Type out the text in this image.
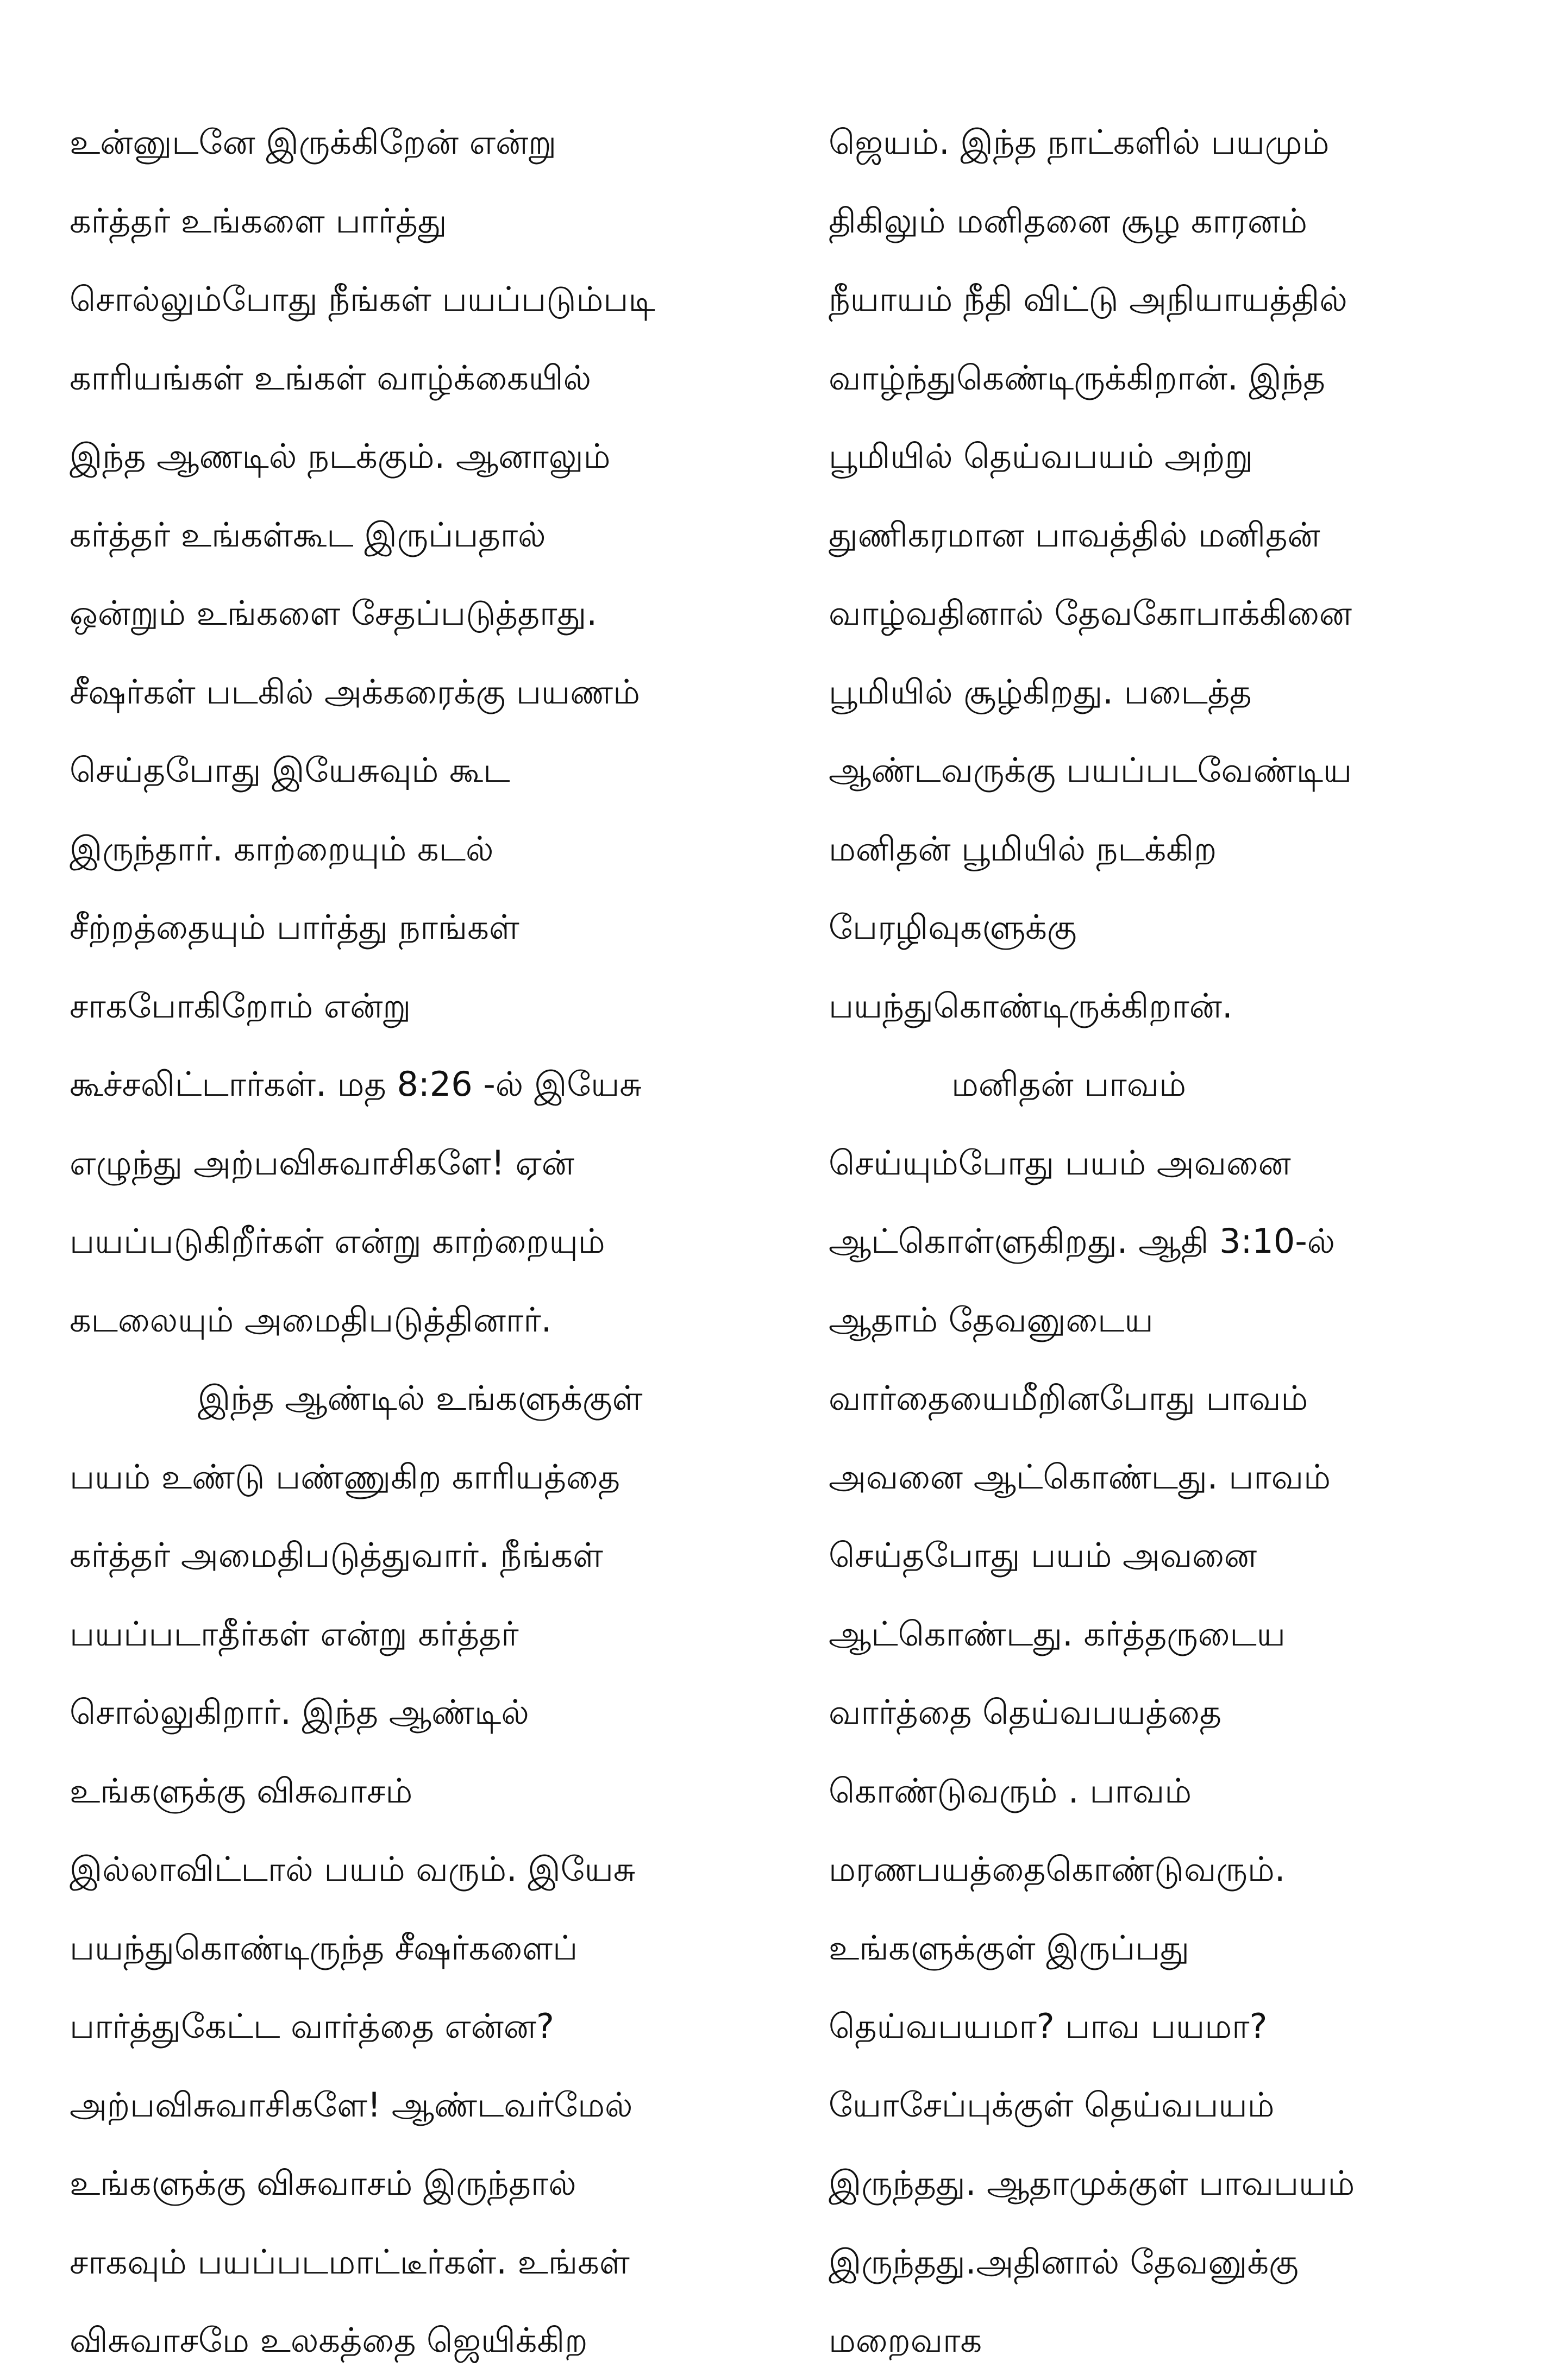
உன்னுடனே இருக்கிறேன் என்று
கர்த்தர் உங்களை பார்த்து
சொல்லும்போது நீங்கள் பயப்படும்படி
காரியங்கள் உங்கள் வாழ்க்கையில்
இந்த ஆணடில் நடக்கும். ஆனாலும்
கர்த்தர் உங்கள்கூட இருப்பதால்
ஒன்றும் உங்களை சேதப்படுத்தாது.
சீஷர்கள் படகில் அக்கரைக்கு பயணம்
செய்தபோது இயேசுவும் கூட
இருந்தார். காற்றையும் கடல்
சீற்றத்தையும் பார்த்து நாங்கள்
சாகபோகிறோம் என்று
கூச்சலிட்டார்கள். மத 8:26 -ல் இயேசு
எழுந்து அற்பவிசுவாசிகளே! ஏன்
பயப்படுகிறீர்கள் என்று காற்றையும்
கடலையும் அமைதிபடுத்தினார்.
இந்த ஆண்டில் உங்களுக்குள்
பயம் உண்டு பண்ணுகிற காரியத்தை
கர்த்தர் அமைதிபடுத்துவார். நீங்கள்
பயப்படாதீர்கள் என்று கர்த்தர்
சொல்லுகிறார். இந்த ஆண்டில்
உங்களுக்கு விசுவாசம்
இல்லாவிட்டால் பயம் வரும். இயேசு
பயந்துகொண்டிருந்த சீஷர்களைப்
பார்த்துகேட்ட வார்த்தை என்ன?
அற்பவிசுவாசிகளே! ஆண்டவர்மேல்
உங்களுக்கு விசுவாசம் இருந்தால்
சாகவும் பயப்படமாட்டீர்கள். உங்கள்
விசுவாசமே உலகத்தை ஜெயிக்கிற
ஜெயம். இந்த நாட்களில் பயமும்
திகிலும் மனிதனை சூழ காரனம்
நீயாயம் நீதி விட்டு அநியாயத்தில்
வாழ்ந்துகெண்டிருக்கிறான். இந்த
பூமியில் தெய்வபயம் அற்று
துணிகரமான பாவத்தில் மனிதன்
வாழ்வதினால் தேவகோபாக்கினை
பூமியில் சூழ்கிறது. படைத்த
ஆண்டவருக்கு பயப்படவேண்டிய
மனிதன் பூமியில் நடக்கிற
பேரழிவுகளுக்கு
பயந்துகொண்டிருக்கிறான்.
மனிதன் பாவம்
செய்யும்போது பயம் அவனை
ஆட்கொள்ளுகிறது. ஆதி 3:10-ல்
ஆதாம் தேவனுடைய
வார்தையைமீறினபோது பாவம்
அவனை ஆட்கொண்டது. பாவம்
செய்தபோது பயம் அவனை
ஆட்கொண்டது. கர்த்தருடைய
வார்த்தை தெய்வபயத்தை
கொண்டுவரும் . பாவம்
மரணபயத்தைகொண்டுவரும்.
உங்களுக்குள் இருப்பது
தெய்வபயமா? பாவ பயமா?
யோசேப்புக்குள் தெய்வபயம்
இருந்தது. ஆதாமுக்குள் பாவபயம்
இருந்தது.அதினால் தேவனுக்கு
மறைவாக
